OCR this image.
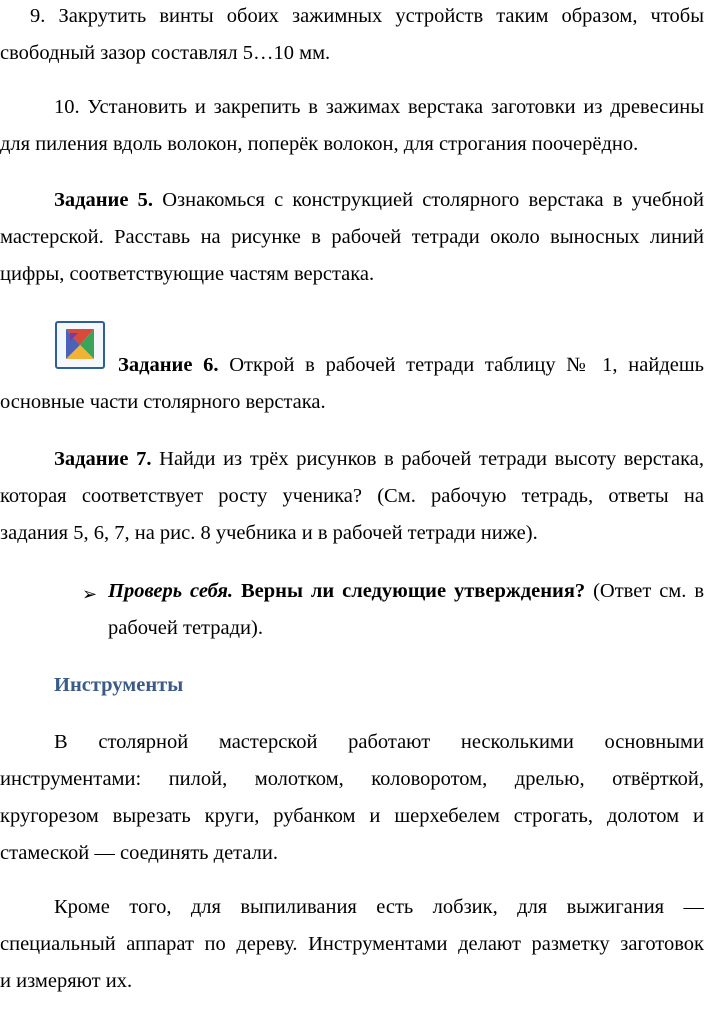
9. Закрутить винты обоих зажимных устройств таким образом, чтобы
свободный зазор составлял 5…10 мм.
10. Установить и закрепить в зажимах верстака заготовки из древесины
для пиления вдоль волокон, поперёк волокон, для строгания поочерёдно.
Задание 5. Ознакомься с конструкцией столярного верстака в учебной
мастерской. Расставь на рисунке в рабочей тетради около выносных линий
цифры, соответствующие частям верстака.
Задание 6. Открой в рабочей тетради таблицу № 1, найдешь
основные части столярного верстака.
Задание 7. Найди из трёх рисунков в рабочей тетради высоту верстака,
которая соответствует росту ученика? (См. рабочую тетрадь, ответы на
задания 5, 6, 7, на рис. 8 учебника и в рабочей тетради ниже).
➢ Проверь себя. Верны ли следующие утверждения? (Ответ см. в
рабочей тетради).
Инструменты
В столярной мастерской работают несколькими основными
инструментами: пилой, молотком, коловоротом, дрелью, отвёрткой,
кругорезом вырезать круги, рубанком и шерхебелем строгать, долотом и
стамеской — соединять детали.
Кроме того, для выпиливания есть лобзик, для выжигания —
специальный аппарат по дереву. Инструментами делают разметку заготовок
и измеряют их.
